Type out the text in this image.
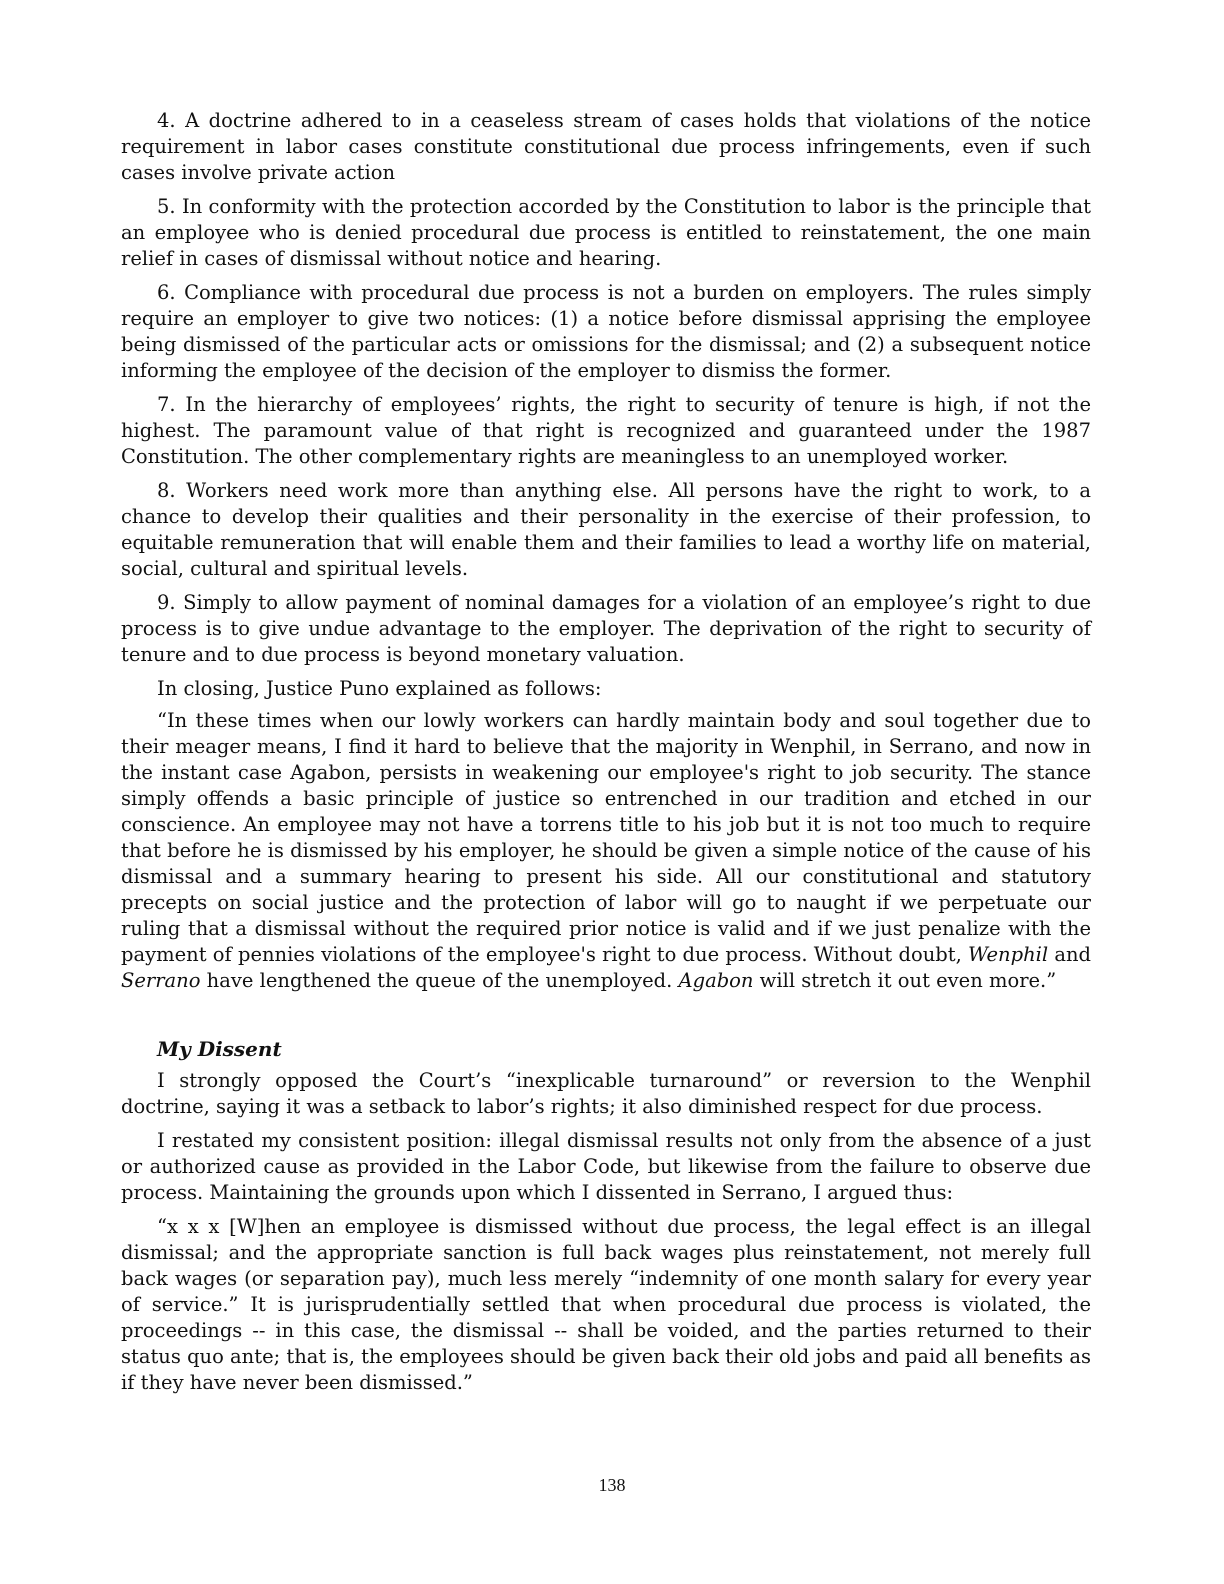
4. A doctrine adhered to in a ceaseless stream of cases holds that violations of the notice requirement in labor cases constitute constitutional due process infringements, even if such cases involve private action

5. In conformity with the protection accorded by the Constitution to labor is the principle that an employee who is denied procedural due process is entitled to reinstatement, the one main relief in cases of dismissal without notice and hearing.

6. Compliance with procedural due process is not a burden on employers. The rules simply require an employer to give two notices: (1) a notice before dismissal apprising the employee being dismissed of the particular acts or omissions for the dismissal; and (2) a subsequent notice informing the employee of the decision of the employer to dismiss the former.

7. In the hierarchy of employees’ rights, the right to security of tenure is high, if not the highest. The paramount value of that right is recognized and guaranteed under the 1987 Constitution. The other complementary rights are meaningless to an unemployed worker.

8. Workers need work more than anything else. All persons have the right to work, to a chance to develop their qualities and their personality in the exercise of their profession, to equitable remuneration that will enable them and their families to lead a worthy life on material, social, cultural and spiritual levels.

9. Simply to allow payment of nominal damages for a violation of an employee’s right to due process is to give undue advantage to the employer. The deprivation of the right to security of tenure and to due process is beyond monetary valuation.

In closing, Justice Puno explained as follows:

“In these times when our lowly workers can hardly maintain body and soul together due to their meager means, I find it hard to believe that the majority in Wenphil, in Serrano, and now in the instant case Agabon, persists in weakening our employee's right to job security. The stance simply offends a basic principle of justice so entrenched in our tradition and etched in our conscience. An employee may not have a torrens title to his job but it is not too much to require that before he is dismissed by his employer, he should be given a simple notice of the cause of his dismissal and a summary hearing to present his side. All our constitutional and statutory precepts on social justice and the protection of labor will go to naught if we perpetuate our ruling that a dismissal without the required prior notice is valid and if we just penalize with the payment of pennies violations of the employee's right to due process. Without doubt, Wenphil and Serrano have lengthened the queue of the unemployed. Agabon will stretch it out even more.”

My Dissent

I strongly opposed the Court’s “inexplicable turnaround” or reversion to the Wenphil doctrine, saying it was a setback to labor’s rights; it also diminished respect for due process.

I restated my consistent position: illegal dismissal results not only from the absence of a just or authorized cause as provided in the Labor Code, but likewise from the failure to observe due process. Maintaining the grounds upon which I dissented in Serrano, I argued thus:

“x x x [W]hen an employee is dismissed without due process, the legal effect is an illegal dismissal; and the appropriate sanction is full back wages plus reinstatement, not merely full back wages (or separation pay), much less merely “indemnity of one month salary for every year of service.” It is jurisprudentially settled that when procedural due process is violated, the proceedings -- in this case, the dismissal -- shall be voided, and the parties returned to their status quo ante; that is, the employees should be given back their old jobs and paid all benefits as if they have never been dismissed.”

138
